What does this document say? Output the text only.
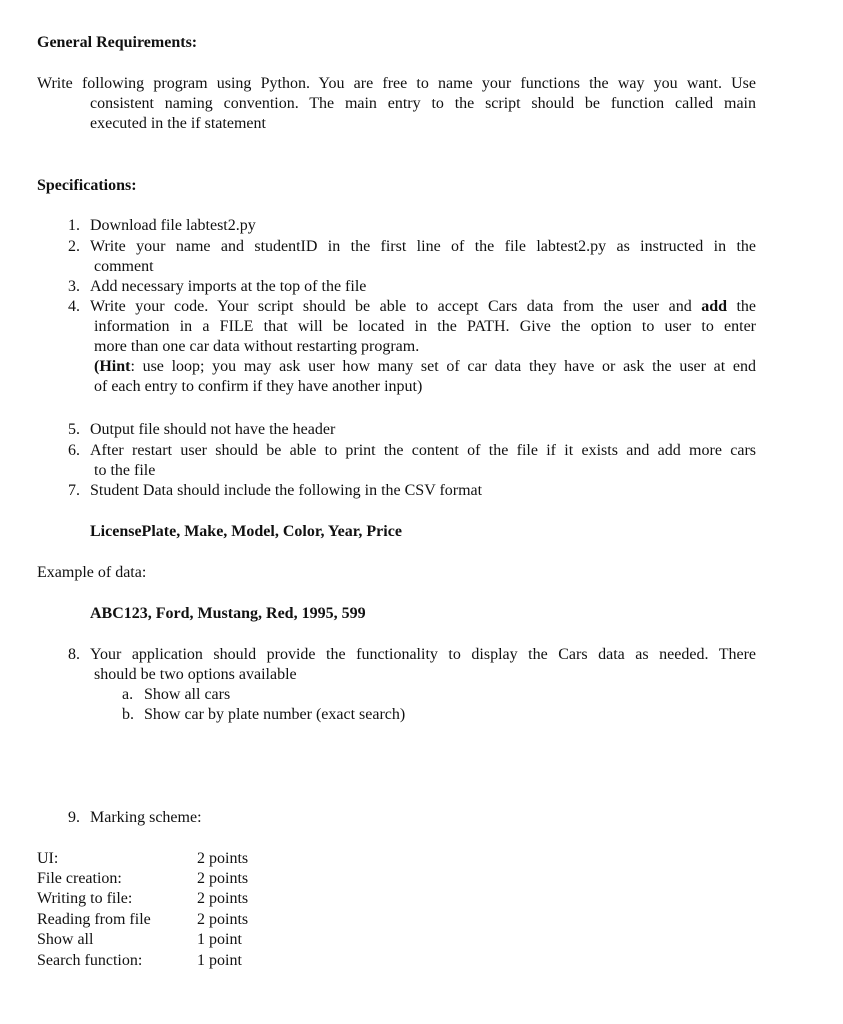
General Requirements:
Write following program using Python. You are free to name your functions the way you want. Use
consistent naming convention. The main entry to the script should be function called main
executed in the if statement
Specifications:
1. Download file labtest2.py
2. Write your name and studentID in the first line of the file labtest2.py as instructed in the
comment
3. Add necessary imports at the top of the file
4. Write your code. Your script should be able to accept Cars data from the user and add the
information in a FILE that will be located in the PATH. Give the option to user to enter
more than one car data without restarting program.
(Hint: use loop; you may ask user how many set of car data they have or ask the user at end
of each entry to confirm if they have another input)
5. Output file should not have the header
6. After restart user should be able to print the content of the file if it exists and add more cars
to the file
7. Student Data should include the following in the CSV format
LicensePlate, Make, Model, Color, Year, Price
Example of data:
ABC123, Ford, Mustang, Red, 1995, 599
8. Your application should provide the functionality to display the Cars data as needed. There
should be two options available
a. Show all cars
b. Show car by plate number (exact search)
9. Marking scheme:
UI:	2 points
File creation:	2 points
Writing to file:	2 points
Reading from file	2 points
Show all	1 point
Search function:	1 point
